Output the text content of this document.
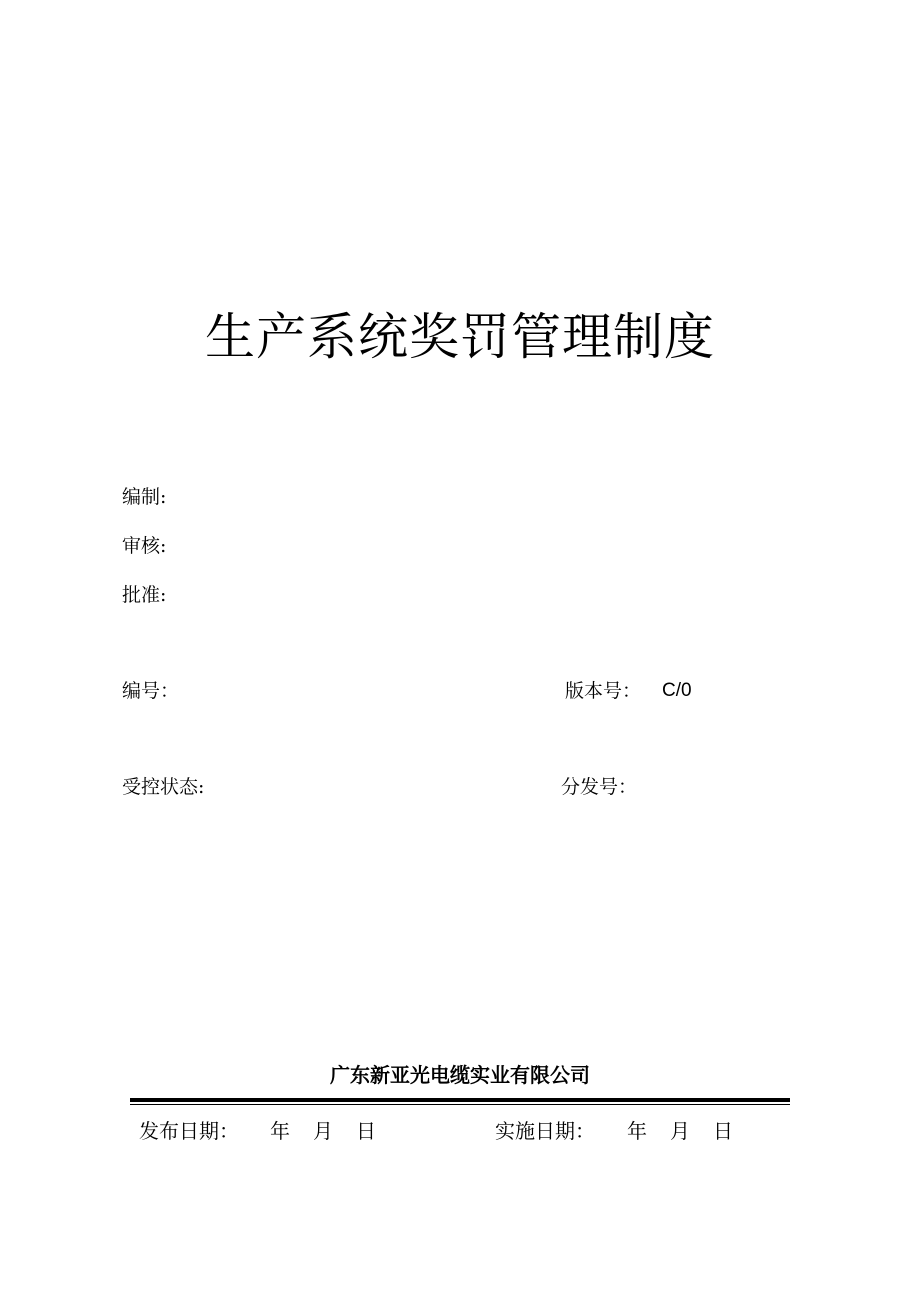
生产系统奖罚管理制度
编制:
审核:
批准:
编号：	版本号： C/0
受控状态:	分发号：
广东新亚光电缆实业有限公司
发布日期： 年 月 日	实施日期： 年 月 日
